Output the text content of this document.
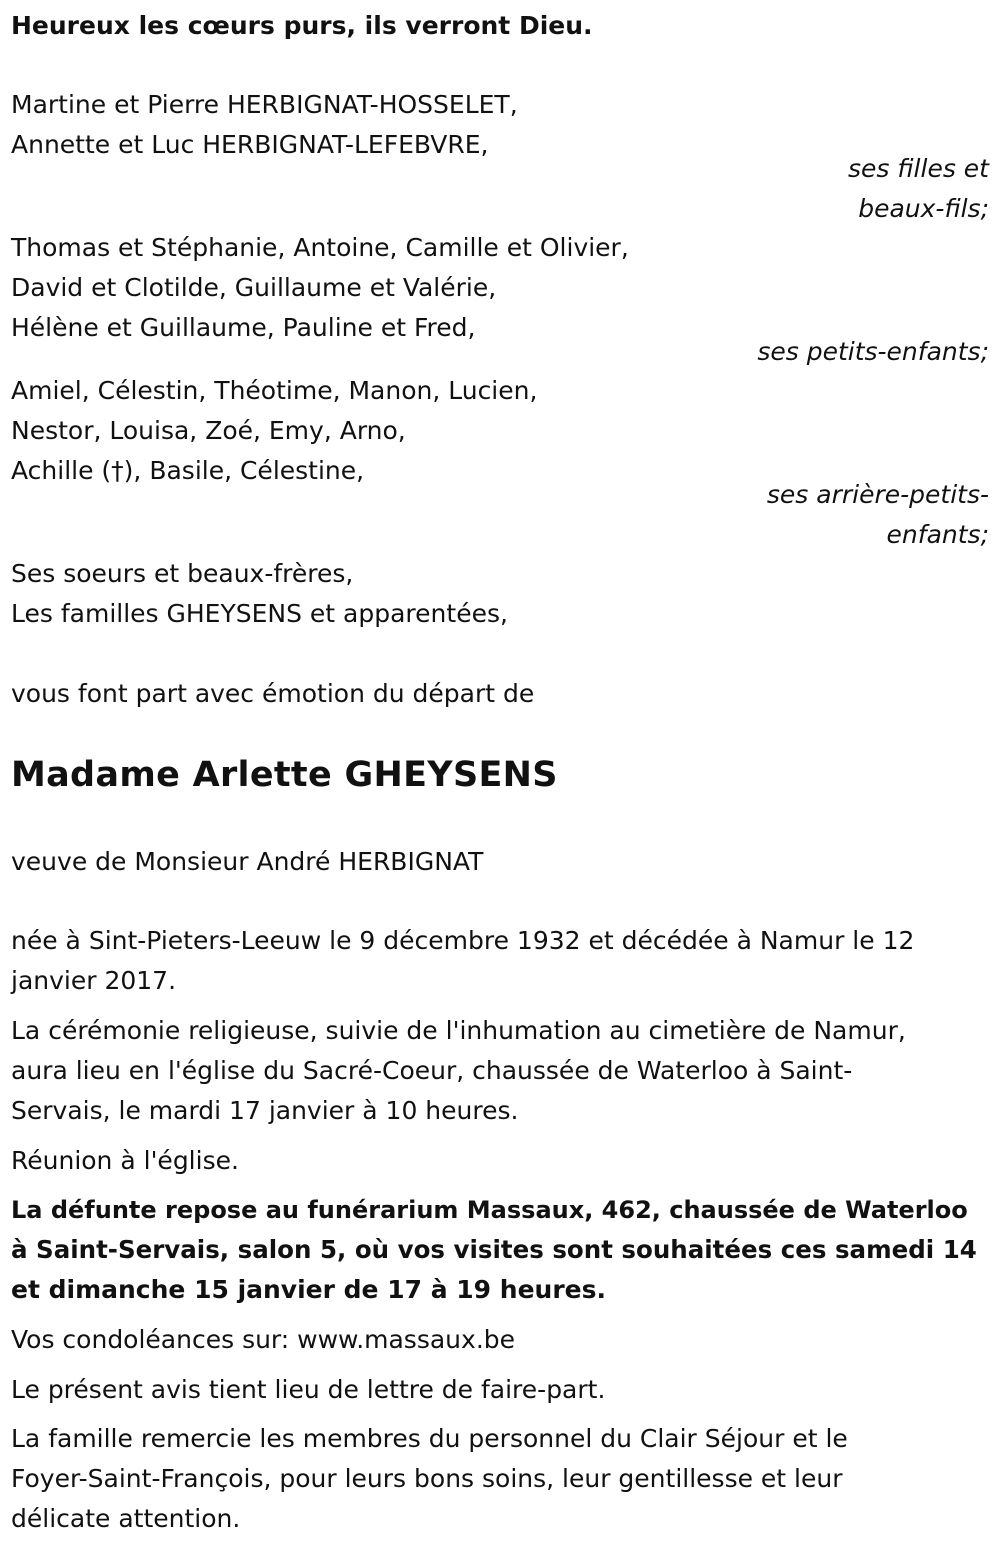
Heureux les cœurs purs, ils verront Dieu.
Martine et Pierre HERBIGNAT-HOSSELET,
Annette et Luc HERBIGNAT-LEFEBVRE,
ses filles et
beaux-fils;
Thomas et Stéphanie, Antoine, Camille et Olivier,
David et Clotilde, Guillaume et Valérie,
Hélène et Guillaume, Pauline et Fred,
ses petits-enfants;
Amiel, Célestin, Théotime, Manon, Lucien,
Nestor, Louisa, Zoé, Emy, Arno,
Achille (†), Basile, Célestine,
ses arrière-petits-
enfants;
Ses soeurs et beaux-frères,
Les familles GHEYSENS et apparentées,
vous font part avec émotion du départ de
Madame Arlette GHEYSENS
veuve de Monsieur André HERBIGNAT
née à Sint-Pieters-Leeuw le 9 décembre 1932 et décédée à Namur le 12
janvier 2017.
La cérémonie religieuse, suivie de l'inhumation au cimetière de Namur,
aura lieu en l'église du Sacré-Coeur, chaussée de Waterloo à Saint-
Servais, le mardi 17 janvier à 10 heures.
Réunion à l'église.
La défunte repose au funérarium Massaux, 462, chaussée de Waterloo
à Saint-Servais, salon 5, où vos visites sont souhaitées ces samedi 14
et dimanche 15 janvier de 17 à 19 heures.
Vos condoléances sur: www.massaux.be
Le présent avis tient lieu de lettre de faire-part.
La famille remercie les membres du personnel du Clair Séjour et le
Foyer-Saint-François, pour leurs bons soins, leur gentillesse et leur
délicate attention.
